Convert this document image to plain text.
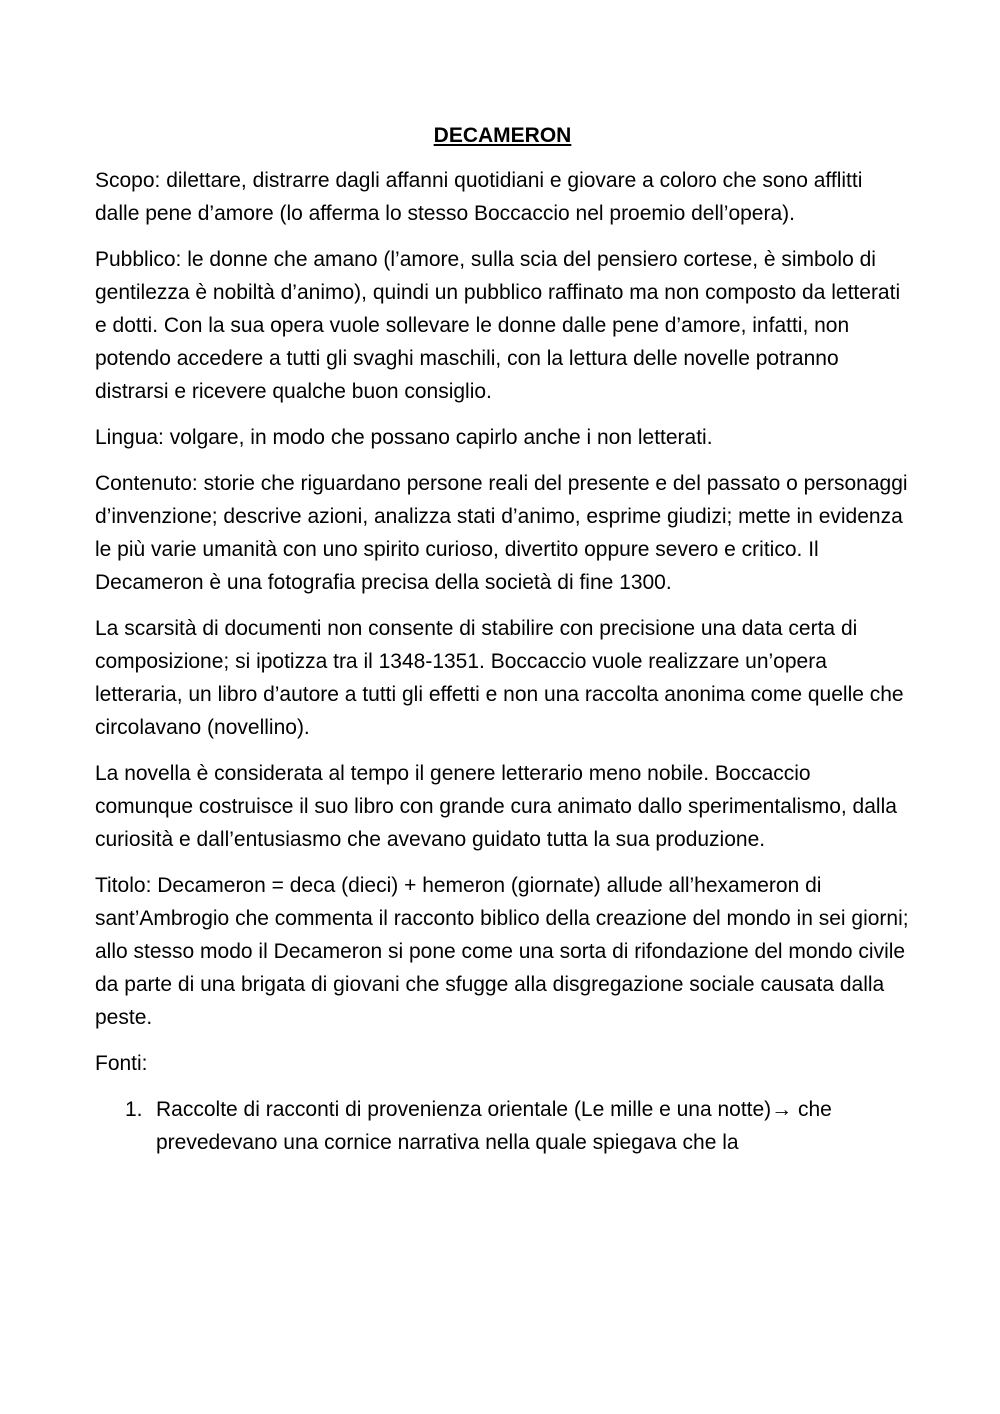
DECAMERON

Scopo: dilettare, distrarre dagli affanni quotidiani e giovare a coloro che sono afflitti dalle pene d’amore (lo afferma lo stesso Boccaccio nel proemio dell’opera).

Pubblico: le donne che amano (l’amore, sulla scia del pensiero cortese, è simbolo di gentilezza è nobiltà d’animo), quindi un pubblico raffinato ma non composto da letterati e dotti. Con la sua opera vuole sollevare le donne dalle pene d’amore, infatti, non potendo accedere a tutti gli svaghi maschili, con la lettura delle novelle potranno distrarsi e ricevere qualche buon consiglio.

Lingua: volgare, in modo che possano capirlo anche i non letterati.

Contenuto: storie che riguardano persone reali del presente e del passato o personaggi d’invenzione; descrive azioni, analizza stati d’animo, esprime giudizi; mette in evidenza le più varie umanità con uno spirito curioso, divertito oppure severo e critico. Il Decameron è una fotografia precisa della società di fine 1300.

La scarsità di documenti non consente di stabilire con precisione una data certa di composizione; si ipotizza tra il 1348-1351. Boccaccio vuole realizzare un’opera letteraria, un libro d’autore a tutti gli effetti e non una raccolta anonima come quelle che circolavano (novellino).

La novella è considerata al tempo il genere letterario meno nobile. Boccaccio comunque costruisce il suo libro con grande cura animato dallo sperimentalismo, dalla curiosità e dall’entusiasmo che avevano guidato tutta la sua produzione.

Titolo: Decameron = deca (dieci) + hemeron (giornate) allude all’hexameron di sant’Ambrogio che commenta il racconto biblico della creazione del mondo in sei giorni; allo stesso modo il Decameron si pone come una sorta di rifondazione del mondo civile da parte di una brigata di giovani che sfugge alla disgregazione sociale causata dalla peste.

Fonti:

1. Raccolte di racconti di provenienza orientale (Le mille e una notte)→ che prevedevano una cornice narrativa nella quale spiegava che la
